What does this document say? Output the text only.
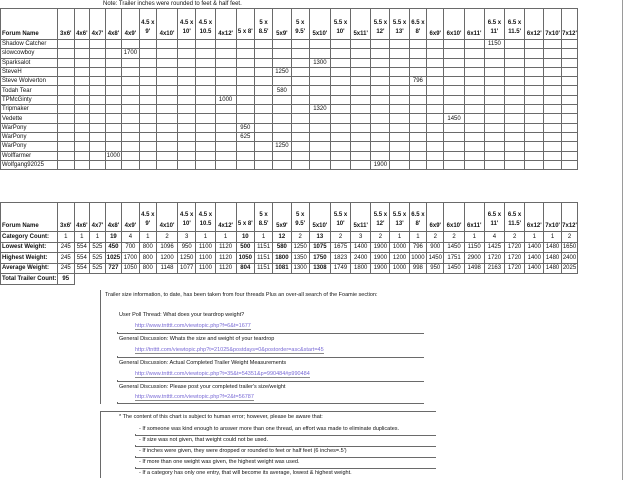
Note: Trailer inches were rounded to feet & half feet.
Forum Name	3x6'	4x6'	4x7'	4x8'	4x9'	4.5 x 9'	4x10'	4.5 x 10'	4.5 x 10.5	4x12'	5 x 8'	5 x 8.5'	5x9'	5 x 9.5'	5x10'	5.5 x 10'	5x11'	5.5 x 12'	5.5 x 13'	6.5 x 8'	6x9'	6x10'	6x11'	6.5 x 11'	6.5 x 11.5'	6x12'	7x10'	7x12'
Shadow Catcher																								1150				
slowcowboy					1700																							
Sparksalot															1300													
SteveH													1250															
Steve Wolverton																				796								
Todah Tear													580															
TPMcGinty										1000																		
Tripmaker															1320													
Vedette																						1450						
WarPony											950																	
WarPony											625																	
WarPony													1250															
Wolffarmer				1000																								
Wolfgang92025																		1900										
Forum Name	3x6'	4x6'	4x7'	4x8'	4x9'	4.5 x 9'	4x10'	4.5 x 10'	4.5 x 10.5	4x12'	5 x 8'	5 x 8.5'	5x9'	5 x 9.5'	5x10'	5.5 x 10'	5x11'	5.5 x 12'	5.5 x 13'	6.5 x 8'	6x9'	6x10'	6x11'	6.5 x 11'	6.5 x 11.5'	6x12'	7x10'	7x12'
Category Count:	1	1	1	19	4	1	2	3	1	1	10	1	12	2	13	2	3	2	1	1	2	2	1	4	2	1	1	2
Lowest Weight:	245	554	525	450	700	800	1096	950	1100	1120	500	1151	580	1250	1075	1675	1400	1900	1000	796	900	1450	1150	1425	1720	1400	1480	1650
Highest Weight:	245	554	525	1025	1700	800	1200	1250	1100	1120	1050	1151	1800	1350	1750	1823	2400	1900	1200	1000	1450	1751	2900	1720	1720	1400	1480	2400
Average Weight:	245	554	525	727	1050	800	1148	1077	1100	1120	804	1151	1081	1300	1308	1749	1800	1900	1000	998	950	1450	1498	2163	1720	1400	1480	2025
Total Trailer Count:	95																											
Trailer size information, to date, has been taken from four threads Plus an over-all search of the Foamie section:
User Poll Thread: What does your teardrop weight?
http://www.tntttt.com/viewtopic.php?f=6&t=1677
General Discussion: Whats the size and weight of your teardrop
http://tntttt.com/viewtopic.php?t=21025&postdays=0&postorder=asc&start=45
General Discussion: Actual Completed Trailer Weight Measurements
http://www.tntttt.com/viewtopic.php?t=35&t=54351&p=990484#p990484
General Discussion: Please post your completed trailer's size/weight
http://www.tntttt.com/viewtopic.php?f=2&t=56787
* The content of this chart is subject to human error; however, please be aware that:
- If someone was kind enough to answer more than one thread, an effort was made to eliminate duplicates.
- If size was not given, that weight could not be used.
- If inches were given, they were dropped or rounded to feet or half feet (6 inches=.5')
- If more than one weight was given, the highest weight was used.
- If a category has only one entry, that will become its average, lowest & highest weight.
